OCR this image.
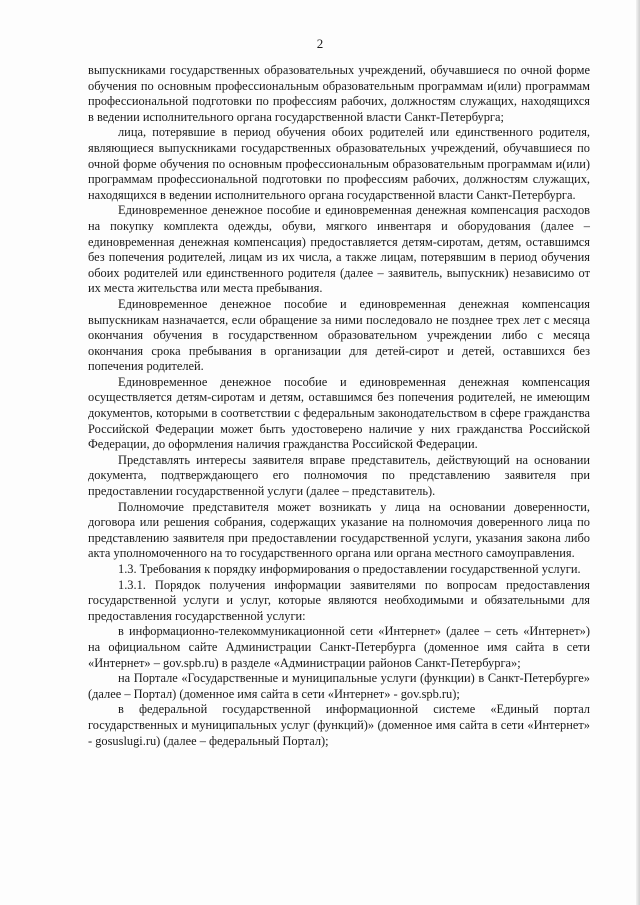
2

выпускниками государственных образовательных учреждений, обучавшиеся по очной форме обучения по основным профессиональным образовательным программам и(или) программам профессиональной подготовки по профессиям рабочих, должностям служащих, находящихся в ведении исполнительного органа государственной власти Санкт-Петербурга;

лица, потерявшие в период обучения обоих родителей или единственного родителя, являющиеся выпускниками государственных образовательных учреждений, обучавшиеся по очной форме обучения по основным профессиональным образовательным программам и(или) программам профессиональной подготовки по профессиям рабочих, должностям служащих, находящихся в ведении исполнительного органа государственной власти Санкт-Петербурга.

Единовременное денежное пособие и единовременная денежная компенсация расходов на покупку комплекта одежды, обуви, мягкого инвентаря и оборудования (далее – единовременная денежная компенсация) предоставляется детям-сиротам, детям, оставшимся без попечения родителей, лицам из их числа, а также лицам, потерявшим в период обучения обоих родителей или единственного родителя (далее – заявитель, выпускник) независимо от их места жительства или места пребывания.

Единовременное денежное пособие и единовременная денежная компенсация выпускникам назначается, если обращение за ними последовало не позднее трех лет с месяца окончания обучения в государственном образовательном учреждении либо с месяца окончания срока пребывания в организации для детей-сирот и детей, оставшихся без попечения родителей.

Единовременное денежное пособие и единовременная денежная компенсация осуществляется детям-сиротам и детям, оставшимся без попечения родителей, не имеющим документов, которыми в соответствии с федеральным законодательством в сфере гражданства Российской Федерации может быть удостоверено наличие у них гражданства Российской Федерации, до оформления наличия гражданства Российской Федерации.

Представлять интересы заявителя вправе представитель, действующий на основании документа, подтверждающего его полномочия по представлению заявителя при предоставлении государственной услуги (далее – представитель).

Полномочие представителя может возникать у лица на основании доверенности, договора или решения собрания, содержащих указание на полномочия доверенного лица по представлению заявителя при предоставлении государственной услуги, указания закона либо акта уполномоченного на то государственного органа или органа местного самоуправления.

1.3. Требования к порядку информирования о предоставлении государственной услуги.

1.3.1. Порядок получения информации заявителями по вопросам предоставления государственной услуги и услуг, которые являются необходимыми и обязательными для предоставления государственной услуги:

в информационно-телекоммуникационной сети «Интернет» (далее – сеть «Интернет») на официальном сайте Администрации Санкт-Петербурга (доменное имя сайта в сети «Интернет» – gov.spb.ru) в разделе «Администрации районов Санкт-Петербурга»;

на Портале «Государственные и муниципальные услуги (функции) в Санкт-Петербурге» (далее – Портал) (доменное имя сайта в сети «Интернет» - gov.spb.ru);

в федеральной государственной информационной системе «Единый портал государственных и муниципальных услуг (функций)» (доменное имя сайта в сети «Интернет» - gosuslugi.ru) (далее – федеральный Портал);
